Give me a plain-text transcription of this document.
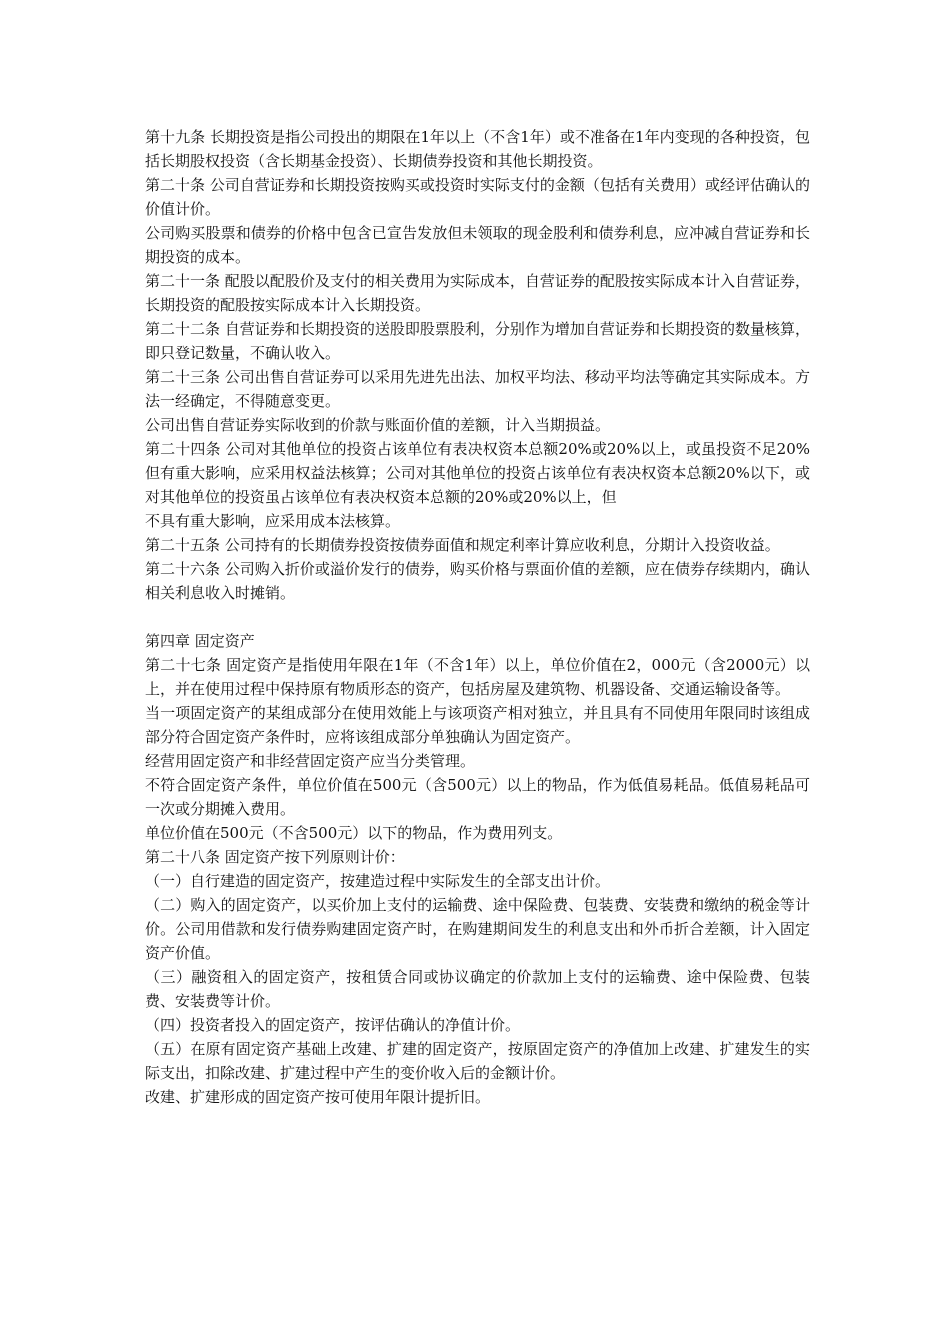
第十九条 长期投资是指公司投出的期限在1年以上（不含1年）或不准备在1年内变现的各种投资，包括长期股权投资（含长期基金投资）、长期债券投资和其他长期投资。

第二十条 公司自营证券和长期投资按购买或投资时实际支付的金额（包括有关费用）或经评估确认的价值计价。

公司购买股票和债券的价格中包含已宣告发放但未领取的现金股利和债券利息，应冲减自营证券和长期投资的成本。

第二十一条 配股以配股价及支付的相关费用为实际成本，自营证券的配股按实际成本计入自营证券，长期投资的配股按实际成本计入长期投资。

第二十二条 自营证券和长期投资的送股即股票股利，分别作为增加自营证券和长期投资的数量核算，即只登记数量，不确认收入。

第二十三条 公司出售自营证券可以采用先进先出法、加权平均法、移动平均法等确定其实际成本。方法一经确定，不得随意变更。

公司出售自营证券实际收到的价款与账面价值的差额，计入当期损益。

第二十四条 公司对其他单位的投资占该单位有表决权资本总额20%或20%以上，或虽投资不足20%但有重大影响，应采用权益法核算；公司对其他单位的投资占该单位有表决权资本总额20%以下，或对其他单位的投资虽占该单位有表决权资本总额的20%或20%以上，但

不具有重大影响，应采用成本法核算。

第二十五条 公司持有的长期债券投资按债券面值和规定利率计算应收利息，分期计入投资收益。

第二十六条 公司购入折价或溢价发行的债券，购买价格与票面价值的差额，应在债券存续期内，确认相关利息收入时摊销。

第四章 固定资产

第二十七条 固定资产是指使用年限在1年（不含1年）以上，单位价值在2，000元（含2000元）以上，并在使用过程中保持原有物质形态的资产，包括房屋及建筑物、机器设备、交通运输设备等。

当一项固定资产的某组成部分在使用效能上与该项资产相对独立，并且具有不同使用年限同时该组成部分符合固定资产条件时，应将该组成部分单独确认为固定资产。

经营用固定资产和非经营固定资产应当分类管理。

不符合固定资产条件，单位价值在500元（含500元）以上的物品，作为低值易耗品。低值易耗品可一次或分期摊入费用。

单位价值在500元（不含500元）以下的物品，作为费用列支。

第二十八条 固定资产按下列原则计价：

（一）自行建造的固定资产，按建造过程中实际发生的全部支出计价。

（二）购入的固定资产，以买价加上支付的运输费、途中保险费、包装费、安装费和缴纳的税金等计价。公司用借款和发行债券购建固定资产时，在购建期间发生的利息支出和外币折合差额，计入固定资产价值。

（三）融资租入的固定资产，按租赁合同或协议确定的价款加上支付的运输费、途中保险费、包装费、安装费等计价。

（四）投资者投入的固定资产，按评估确认的净值计价。

（五）在原有固定资产基础上改建、扩建的固定资产，按原固定资产的净值加上改建、扩建发生的实际支出，扣除改建、扩建过程中产生的变价收入后的金额计价。

改建、扩建形成的固定资产按可使用年限计提折旧。
